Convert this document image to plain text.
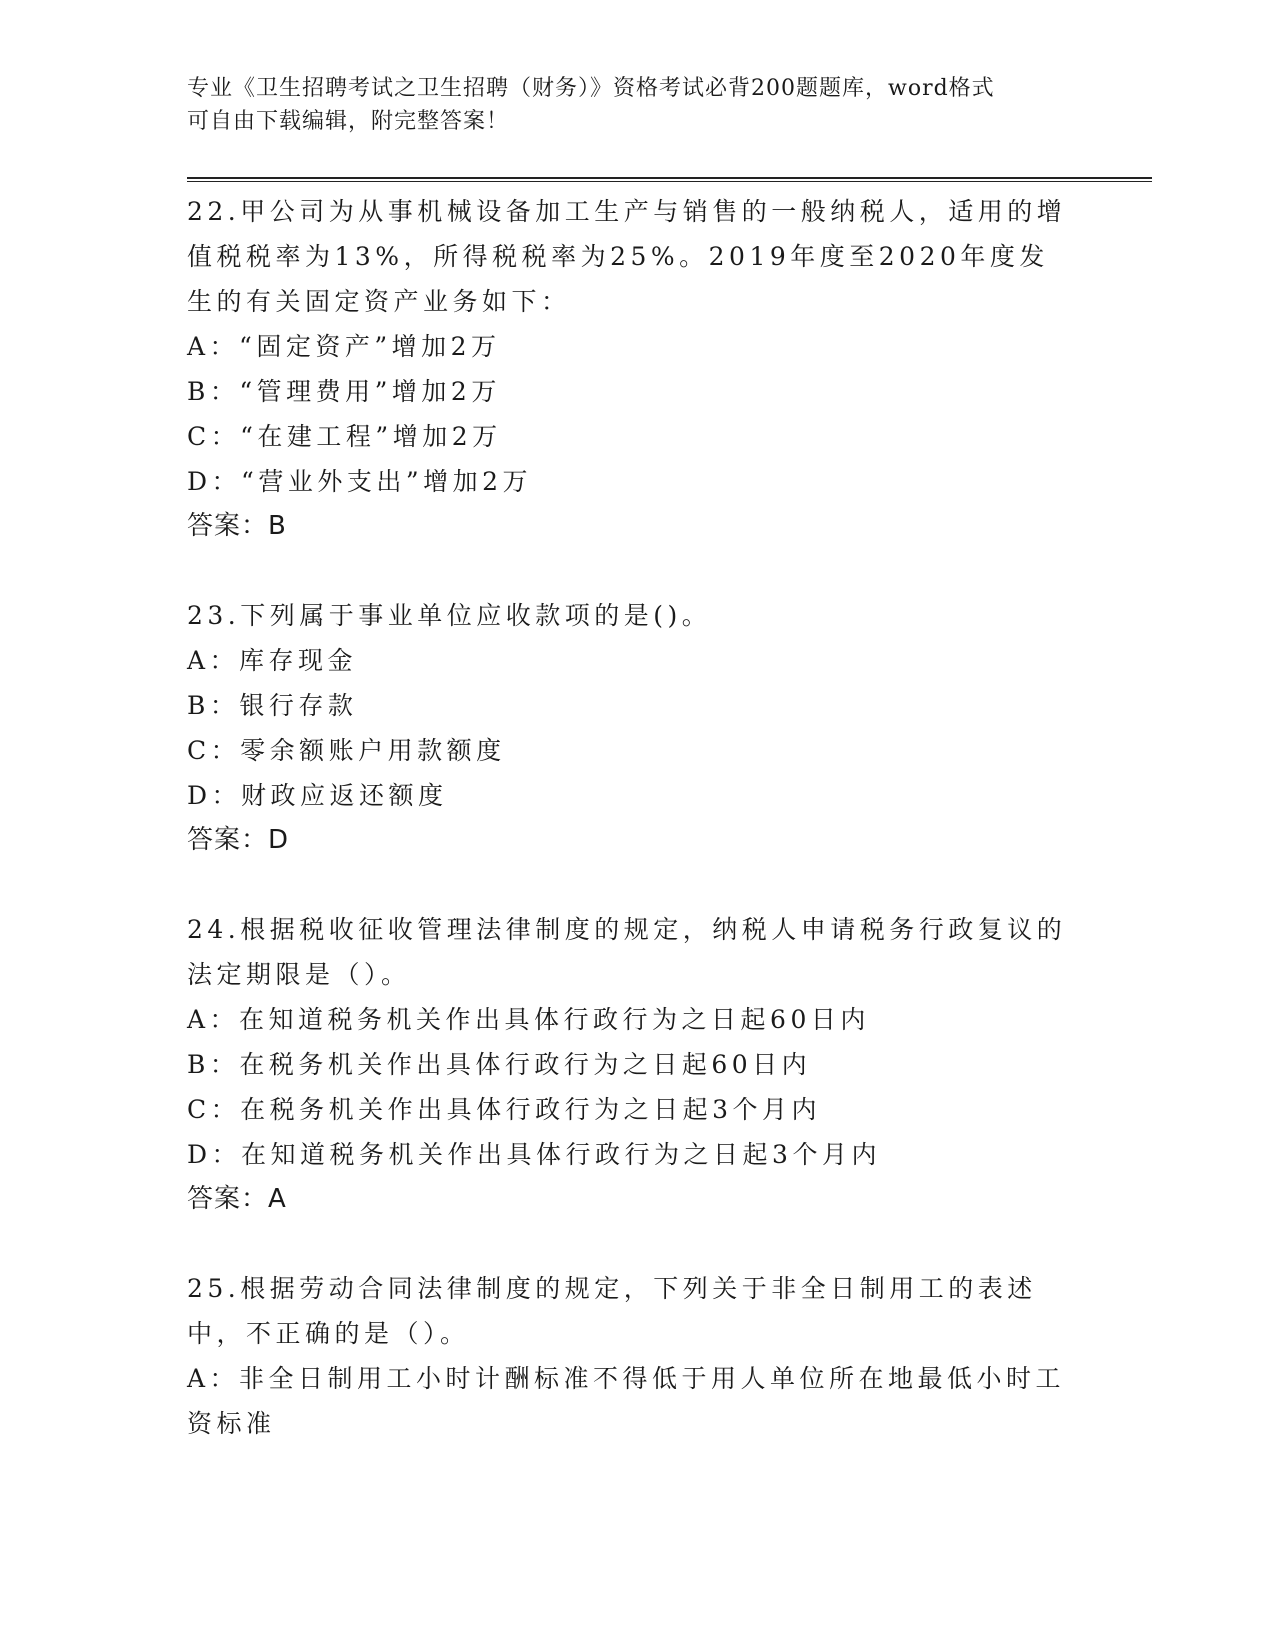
专业《卫生招聘考试之卫生招聘（财务）》资格考试必背200题题库，word格式
可自由下载编辑，附完整答案！
22.甲公司为从事机械设备加工生产与销售的一般纳税人，适用的增值税税率为13%，所得税税率为25%。2019年度至2020年度发生的有关固定资产业务如下：
A：“固定资产”增加2万
B：“管理费用”增加2万
C：“在建工程”增加2万
D：“营业外支出”增加2万
答案：B
23.下列属于事业单位应收款项的是()。
A：库存现金
B：银行存款
C：零余额账户用款额度
D：财政应返还额度
答案：D
24.根据税收征收管理法律制度的规定，纳税人申请税务行政复议的法定期限是（）。
A：在知道税务机关作出具体行政行为之日起60日内
B：在税务机关作出具体行政行为之日起60日内
C：在税务机关作出具体行政行为之日起3个月内
D：在知道税务机关作出具体行政行为之日起3个月内
答案：A
25.根据劳动合同法律制度的规定，下列关于非全日制用工的表述中，不正确的是（）。
A：非全日制用工小时计酬标准不得低于用人单位所在地最低小时工资标准
